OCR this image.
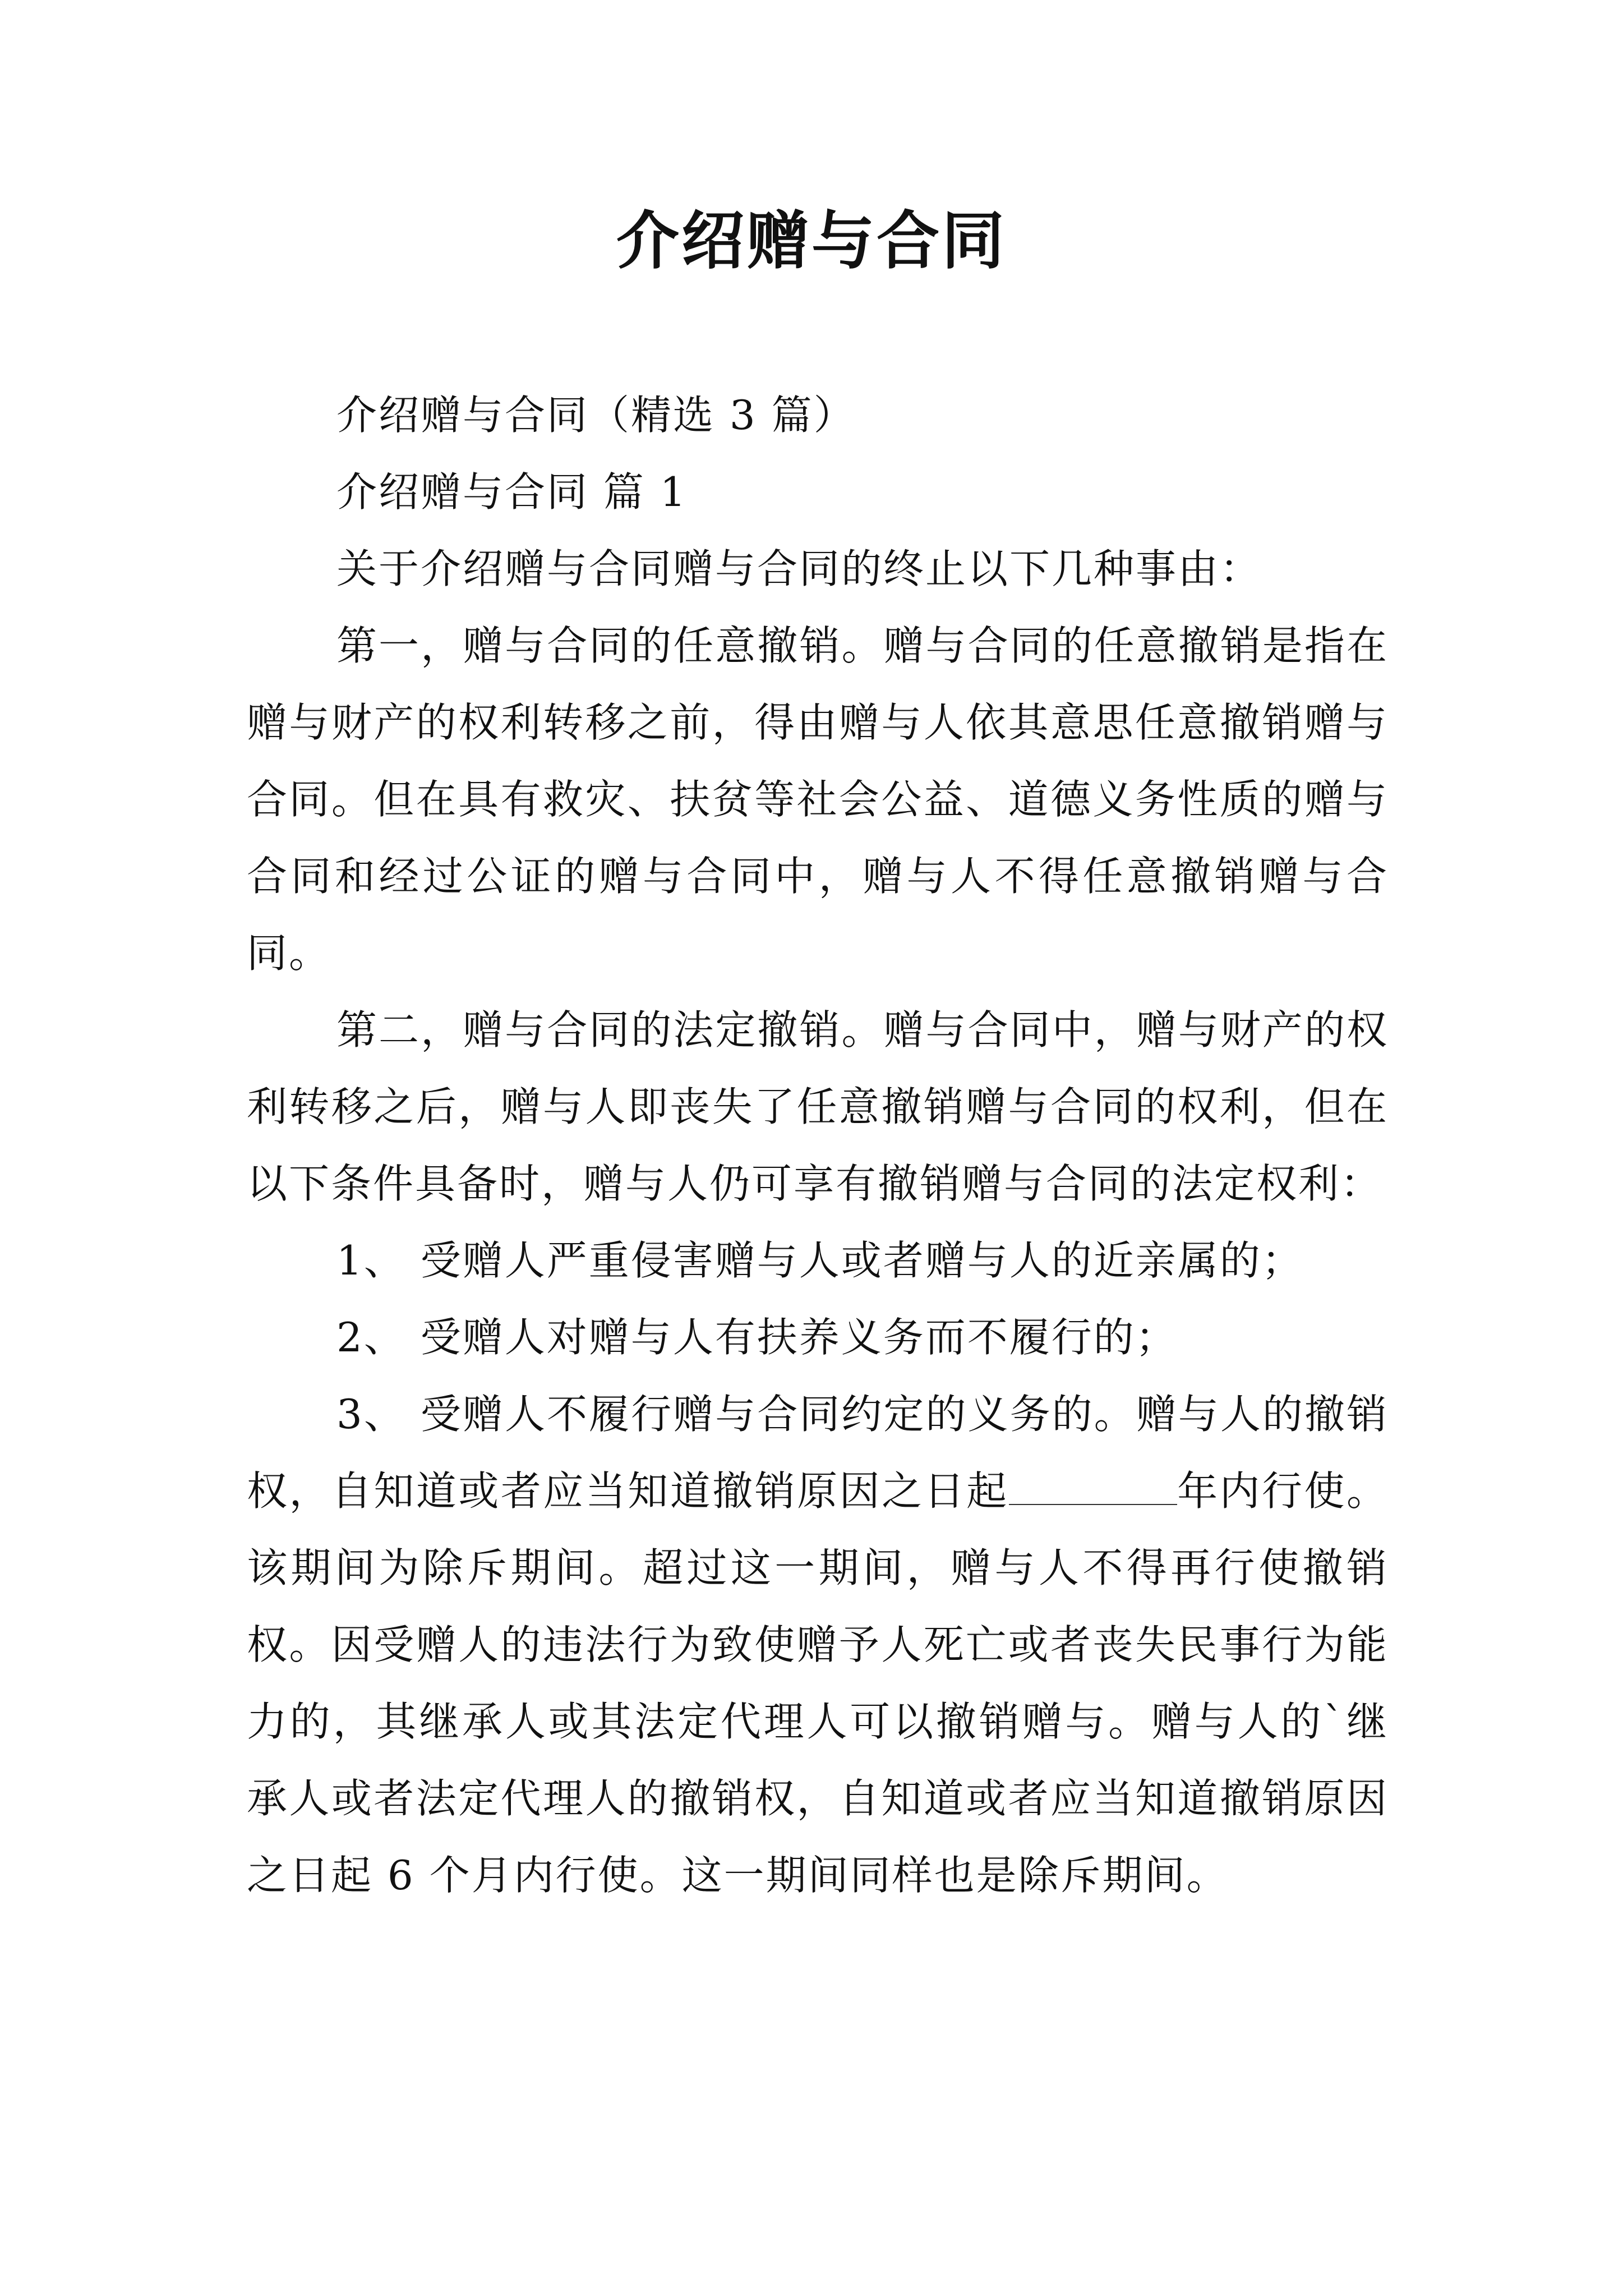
介绍赠与合同

介绍赠与合同（精选 3 篇）

介绍赠与合同 篇 1

关于介绍赠与合同赠与合同的终止以下几种事由：

第一，赠与合同的任意撤销。赠与合同的任意撤销是指在赠与财产的权利转移之前，得由赠与人依其意思任意撤销赠与合同。但在具有救灾、扶贫等社会公益、道德义务性质的赠与合同和经过公证的赠与合同中，赠与人不得任意撤销赠与合同。

第二，赠与合同的法定撤销。赠与合同中，赠与财产的权利转移之后，赠与人即丧失了任意撤销赠与合同的权利，但在以下条件具备时，赠与人仍可享有撤销赠与合同的法定权利：

1、 受赠人严重侵害赠与人或者赠与人的近亲属的；

2、 受赠人对赠与人有扶养义务而不履行的；

3、 受赠人不履行赠与合同约定的义务的。赠与人的撤销权，自知道或者应当知道撤销原因之日起	年内行使。该期间为除斥期间。超过这一期间，赠与人不得再行使撤销权。因受赠人的违法行为致使赠予人死亡或者丧失民事行为能力的，其继承人或其法定代理人可以撤销赠与。赠与人的`继承人或者法定代理人的撤销权，自知道或者应当知道撤销原因之日起 6 个月内行使。这一期间同样也是除斥期间。
